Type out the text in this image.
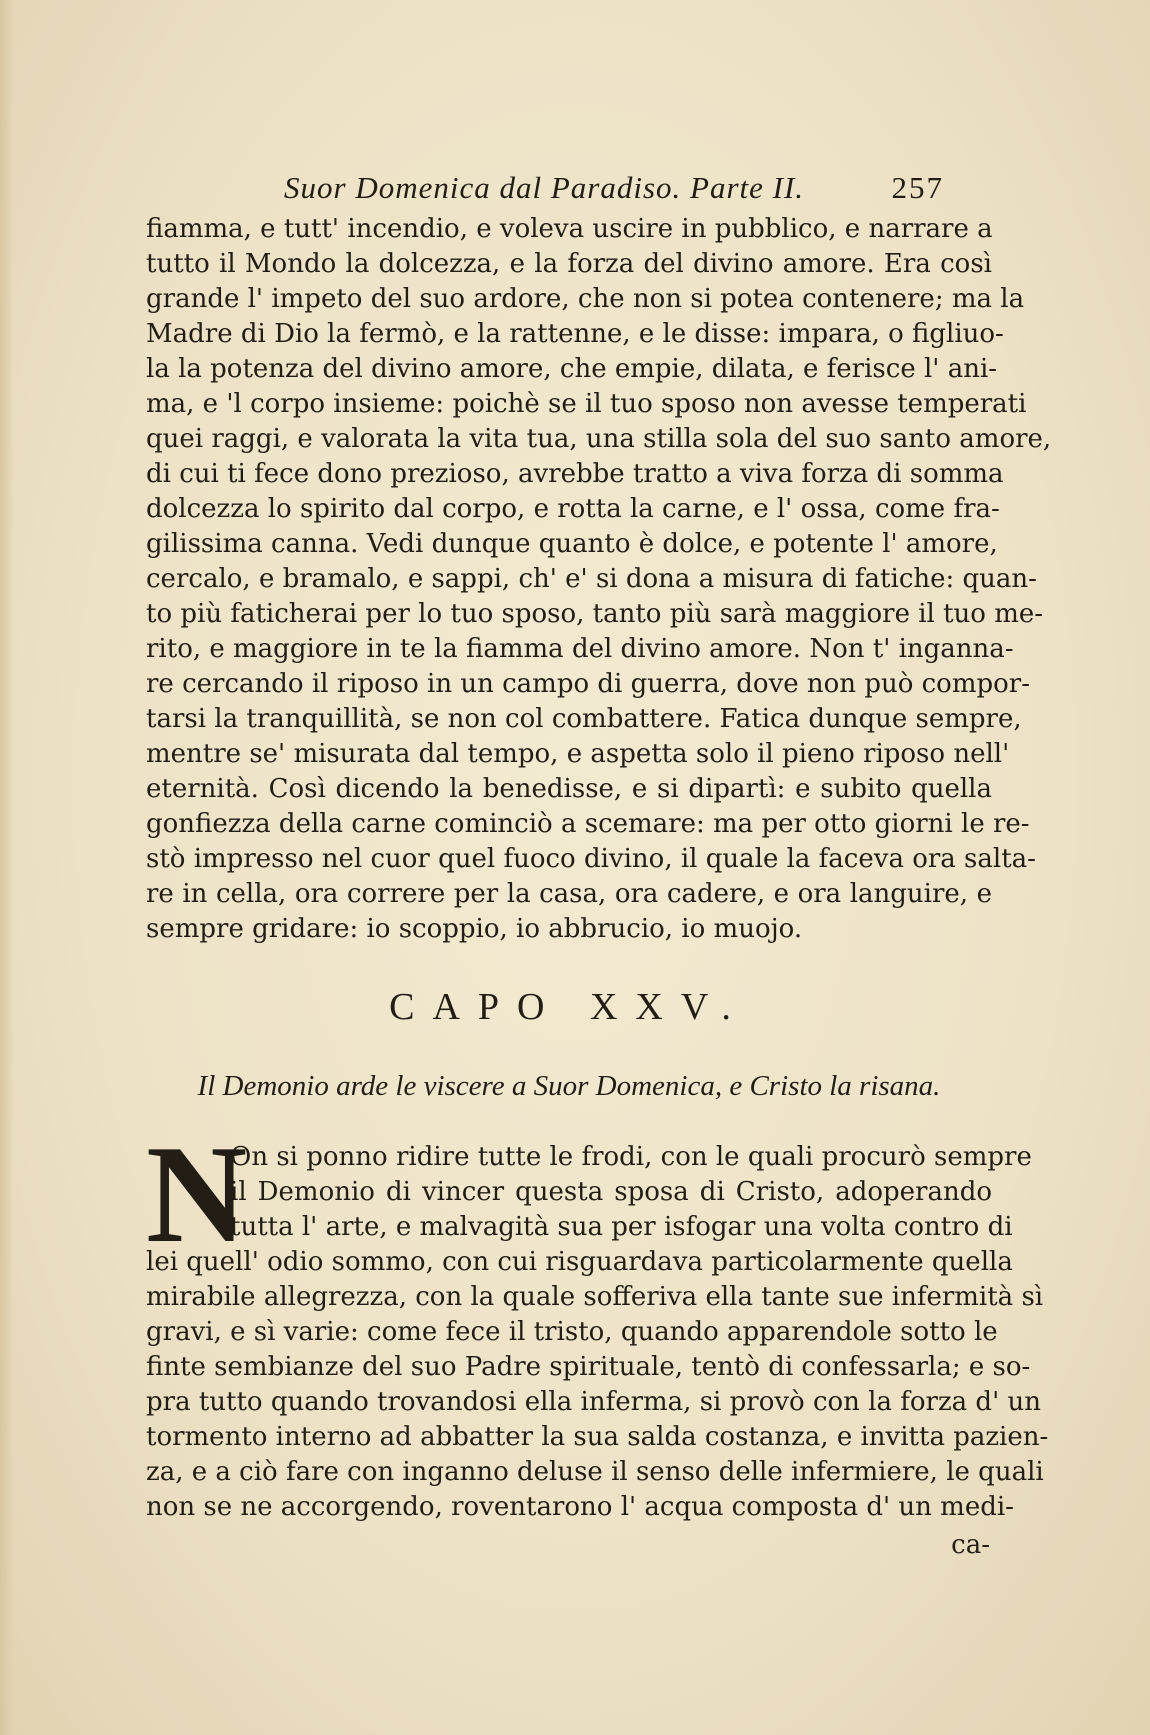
Suor Domenica dal Paradiso. Parte II.	257
fiamma, e tutt' incendio, e voleva uscire in pubblico, e narrare a
tutto il Mondo la dolcezza, e la forza del divino amore. Era così
grande l' impeto del suo ardore, che non si potea contenere; ma la
Madre di Dio la fermò, e la rattenne, e le disse: impara, o figliuo-
la la potenza del divino amore, che empie, dilata, e ferisce l' ani-
ma, e 'l corpo insieme: poichè se il tuo sposo non avesse temperati
quei raggi, e valorata la vita tua, una stilla sola del suo santo amore,
di cui ti fece dono prezioso, avrebbe tratto a viva forza di somma
dolcezza lo spirito dal corpo, e rotta la carne, e l' ossa, come fra-
gilissima canna. Vedi dunque quanto è dolce, e potente l' amore,
cercalo, e bramalo, e sappi, ch' e' si dona a misura di fatiche: quan-
to più faticherai per lo tuo sposo, tanto più sarà maggiore il tuo me-
rito, e maggiore in te la fiamma del divino amore. Non t' inganna-
re cercando il riposo in un campo di guerra, dove non può compor-
tarsi la tranquillità, se non col combattere. Fatica dunque sempre,
mentre se' misurata dal tempo, e aspetta solo il pieno riposo nell'
eternità. Così dicendo la benedisse, e si dipartì: e subito quella
gonfiezza della carne cominciò a scemare: ma per otto giorni le re-
stò impresso nel cuor quel fuoco divino, il quale la faceva ora salta-
re in cella, ora correre per la casa, ora cadere, e ora languire, e
sempre gridare: io scoppio, io abbrucio, io muojo.
CAPO XXV.
Il Demonio arde le viscere a Suor Domenica, e Cristo la risana.
N
On si ponno ridire tutte le frodi, con le quali procurò sempre
il Demonio di vincer questa sposa di Cristo, adoperando
tutta l' arte, e malvagità sua per isfogar una volta contro di
lei quell' odio sommo, con cui risguardava particolarmente quella
mirabile allegrezza, con la quale sofferiva ella tante sue infermità sì
gravi, e sì varie: come fece il tristo, quando apparendole sotto le
finte sembianze del suo Padre spirituale, tentò di confessarla; e so-
pra tutto quando trovandosi ella inferma, si provò con la forza d' un
tormento interno ad abbatter la sua salda costanza, e invitta pazien-
za, e a ciò fare con inganno deluse il senso delle infermiere, le quali
non se ne accorgendo, roventarono l' acqua composta d' un medi-
ca-
